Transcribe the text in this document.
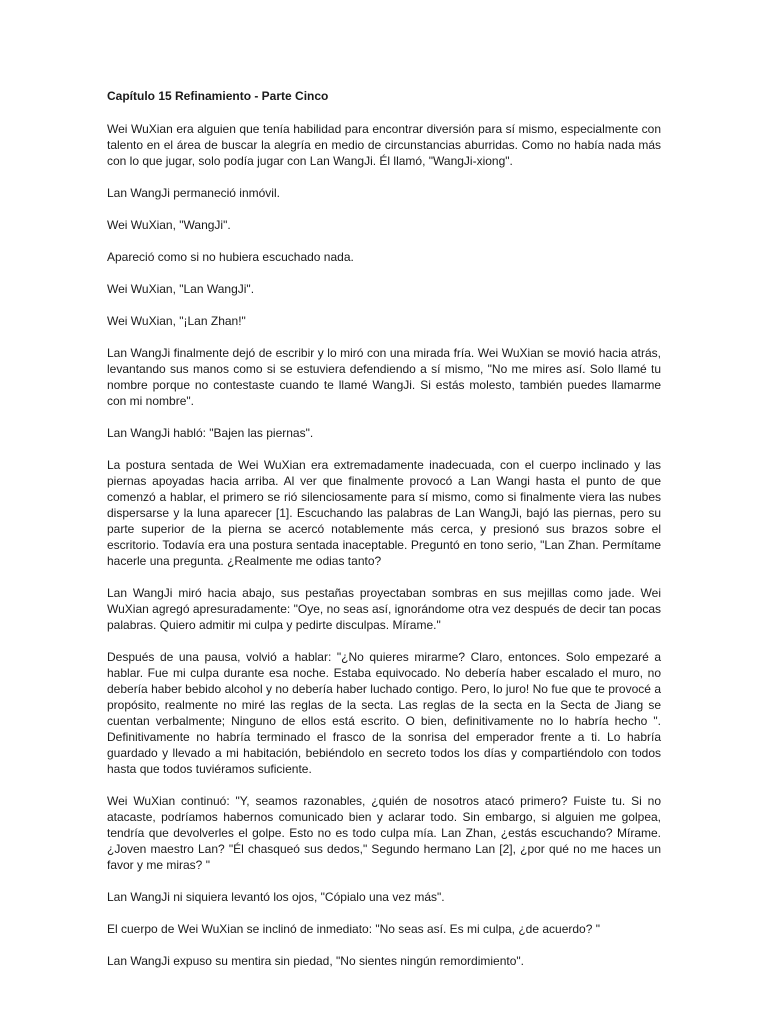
Capítulo 15 Refinamiento - Parte Cinco
Wei WuXian era alguien que tenía habilidad para encontrar diversión para sí mismo, especialmente con talento en el área de buscar la alegría en medio de circunstancias aburridas. Como no había nada más con lo que jugar, solo podía jugar con Lan WangJi. Él llamó, "WangJi-xiong".
Lan WangJi permaneció inmóvil.
Wei WuXian, "WangJi".
Apareció como si no hubiera escuchado nada.
Wei WuXian, "Lan WangJi".
Wei WuXian, "¡Lan Zhan!"
Lan WangJi finalmente dejó de escribir y lo miró con una mirada fría. Wei WuXian se movió hacia atrás, levantando sus manos como si se estuviera defendiendo a sí mismo, "No me mires así. Solo llamé tu nombre porque no contestaste cuando te llamé WangJi. Si estás molesto, también puedes llamarme con mi nombre".
Lan WangJi habló: "Bajen las piernas".
La postura sentada de Wei WuXian era extremadamente inadecuada, con el cuerpo inclinado y las piernas apoyadas hacia arriba. Al ver que finalmente provocó a Lan Wangi hasta el punto de que comenzó a hablar, el primero se rió silenciosamente para sí mismo, como si finalmente viera las nubes dispersarse y la luna aparecer [1]. Escuchando las palabras de Lan WangJi, bajó las piernas, pero su parte superior de la pierna se acercó notablemente más cerca, y presionó sus brazos sobre el escritorio. Todavía era una postura sentada inaceptable. Preguntó en tono serio, "Lan Zhan. Permítame hacerle una pregunta. ¿Realmente me odias tanto?
Lan WangJi miró hacia abajo, sus pestañas proyectaban sombras en sus mejillas como jade. Wei WuXian agregó apresuradamente: "Oye, no seas así, ignorándome otra vez después de decir tan pocas palabras. Quiero admitir mi culpa y pedirte disculpas. Mírame."
Después de una pausa, volvió a hablar: "¿No quieres mirarme? Claro, entonces. Solo empezaré a hablar. Fue mi culpa durante esa noche. Estaba equivocado. No debería haber escalado el muro, no debería haber bebido alcohol y no debería haber luchado contigo. Pero, lo juro! No fue que te provocé a propósito, realmente no miré las reglas de la secta. Las reglas de la secta en la Secta de Jiang se cuentan verbalmente; Ninguno de ellos está escrito. O bien, definitivamente no lo habría hecho ". Definitivamente no habría terminado el frasco de la sonrisa del emperador frente a ti. Lo habría guardado y llevado a mi habitación, bebiéndolo en secreto todos los días y compartiéndolo con todos hasta que todos tuviéramos suficiente.
Wei WuXian continuó: "Y, seamos razonables, ¿quién de nosotros atacó primero? Fuiste tu. Si no atacaste, podríamos habernos comunicado bien y aclarar todo. Sin embargo, si alguien me golpea, tendría que devolverles el golpe. Esto no es todo culpa mía. Lan Zhan, ¿estás escuchando? Mírame. ¿Joven maestro Lan? "Él chasqueó sus dedos," Segundo hermano Lan [2], ¿por qué no me haces un favor y me miras? "
Lan WangJi ni siquiera levantó los ojos, "Cópialo una vez más".
El cuerpo de Wei WuXian se inclinó de inmediato: "No seas así. Es mi culpa, ¿de acuerdo? "
Lan WangJi expuso su mentira sin piedad, "No sientes ningún remordimiento".
